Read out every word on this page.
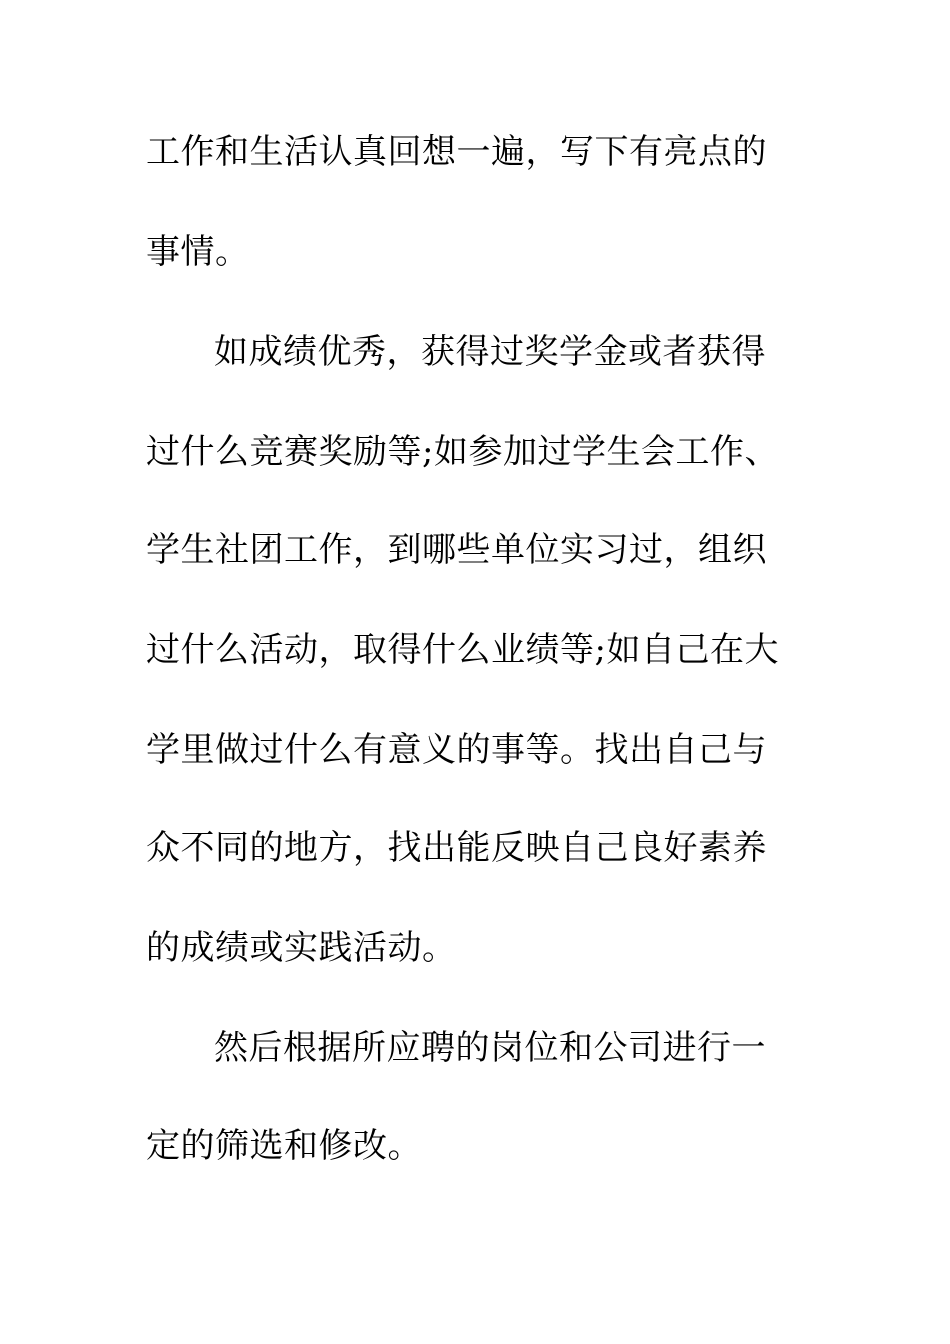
工作和生活认真回想一遍，写下有亮点的

事情。

如成绩优秀，获得过奖学金或者获得

过什么竞赛奖励等;如参加过学生会工作、

学生社团工作，到哪些单位实习过，组织

过什么活动，取得什么业绩等;如自己在大

学里做过什么有意义的事等。找出自己与

众不同的地方，找出能反映自己良好素养

的成绩或实践活动。

然后根据所应聘的岗位和公司进行一

定的筛选和修改。
